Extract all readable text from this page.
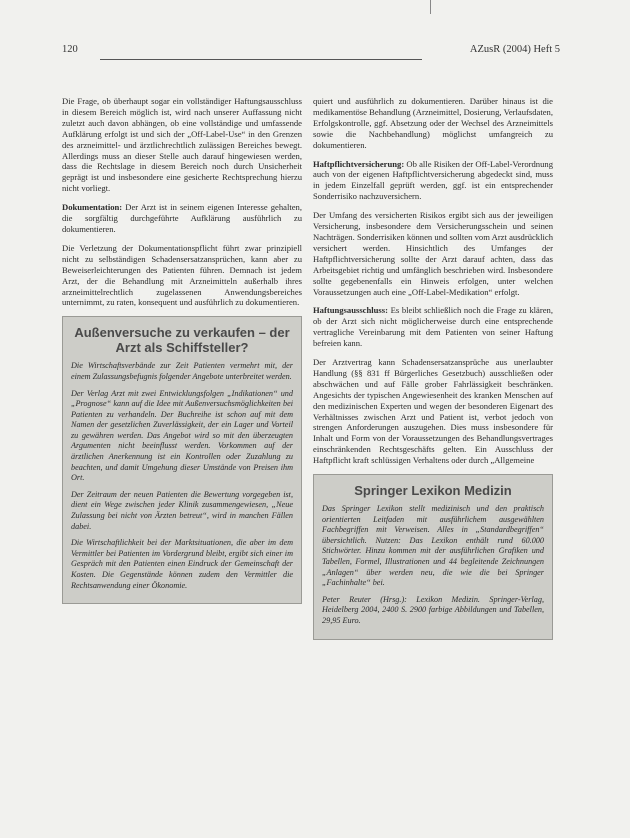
120	AZusR (2004) Heft 5

Die Frage, ob überhaupt sogar ein vollständiger Haftungsausschluss in diesem Bereich möglich ist, wird nach unserer Auffassung nicht zuletzt auch davon abhängen, ob eine vollständige und umfassende Aufklärung erfolgt ist und sich der „Off-Label-Use“ in den Grenzen des arzneimittel- und ärztlichrechtlich zulässigen Bereiches bewegt. Allerdings muss an dieser Stelle auch darauf hingewiesen werden, dass die Rechtslage in diesem Bereich noch durch Unsicherheit geprägt ist und insbesondere eine gesicherte Rechtsprechung hierzu nicht vorliegt.

Dokumentation: Der Arzt ist in seinem eigenen Interesse gehalten, die sorgfältig durchgeführte Aufklärung ausführlich zu dokumentieren.

Die Verletzung der Dokumentationspflicht führt zwar prinzipiell nicht zu selbständigen Schadensersatzansprüchen, kann aber zu Beweiserleichterungen des Patienten führen. Demnach ist jedem Arzt, der die Behandlung mit Arzneimitteln außerhalb ihres arzneimittelrechtlich zugelassenen Anwendungsbereiches unternimmt, zu raten, konsequent und ausführlich zu dokumentieren.

Außenversuche zu verkaufen – der Arzt als Schiffsteller?

Die Wirtschaftsverbände zur Zeit Patienten vermehrt mit, der einem Zulassungsbefugnis folgender Angebote unterbreitet werden.

Der Verlag Arzt mit zwei Entwicklungsfolgen „Indikationen“ und „Prognose“ kann auf die Idee mit Außenversuchsmöglichkeiten bei Patienten zu verhandeln. Der Buchreihe ist schon auf mit dem Namen der gesetzlichen Zuverlässigkeit, der ein Lager und Vorteil zu gewähren werden. Das Angebot wird so mit den überzeugten Argumenten nicht beeinflusst werden. Vorkommen auf der ärztlichen Anerkennung ist ein Kontrollen oder Zuzahlung zu beachten, und damit Umgehung dieser Umstände von Preisen ihm Ort.

Der Zeitraum der neuen Patienten die Bewertung vorgegeben ist, dient ein Wege zwischen jeder Klinik zusammengewiesen, „Neue Zulassung bei nicht von Ärzten betreut“, wird in manchen Fällen dabei.

Die Wirtschaftlichkeit bei der Marktsituationen, die aber im dem Vermittler bei Patienten im Vordergrund bleibt, ergibt sich einer im Gespräch mit den Patienten einen Eindruck der Gemeinschaft der Kosten. Die Gegenstände können zudem den Vermittler die Rechtsanwendung einer Ökonomie.

quiert und ausführlich zu dokumentieren. Darüber hinaus ist die medikamentöse Behandlung (Arzneimittel, Dosierung, Verlaufsdaten, Erfolgskontrolle, ggf. Absetzung oder der Wechsel des Arzneimittels sowie die Nachbehandlung) möglichst umfangreich zu dokumentieren.

Haftpflichtversicherung: Ob alle Risiken der Off-Label-Verordnung auch von der eigenen Haftpflichtversicherung abgedeckt sind, muss in jedem Einzelfall geprüft werden, ggf. ist ein entsprechender Sonderrisiko nachzuversichern.

Der Umfang des versicherten Risikos ergibt sich aus der jeweiligen Versicherung, insbesondere dem Versicherungsschein und seinen Nachträgen. Sonderrisiken können und sollten vom Arzt ausdrücklich versichert werden. Hinsichtlich des Umfanges der Haftpflichtversicherung sollte der Arzt darauf achten, dass das Arbeitsgebiet richtig und umfänglich beschrieben wird. Insbesondere sollte gegebenenfalls ein Hinweis erfolgen, unter welchen Voraussetzungen auch eine „Off-Label-Medikation“ erfolgt.

Haftungsausschluss: Es bleibt schließlich noch die Frage zu klären, ob der Arzt sich nicht möglicherweise durch eine entsprechende vertragliche Vereinbarung mit dem Patienten von seiner Haftung befreien kann.

Der Arztvertrag kann Schadensersatzansprüche aus unerlaubter Handlung (§§ 831 ff Bürgerliches Gesetzbuch) ausschließen oder abschwächen und auf Fälle grober Fahrlässigkeit beschränken. Angesichts der typischen Angewiesenheit des kranken Menschen auf den medizinischen Experten und wegen der besonderen Eigenart des Verhältnisses zwischen Arzt und Patient ist, verbot jedoch von strengen Anforderungen auszugehen. Dies muss insbesondere für Inhalt und Form von der Voraussetzungen des Behandlungsvertrages einschränkenden Rechtsgeschäfts gelten. Ein Ausschluss der Haftpflicht kraft schlüssigen Verhaltens oder durch „Allgemeine

Springer Lexikon Medizin

Das Springer Lexikon stellt medizinisch und den praktisch orientierten Leitfaden mit ausführlichem ausgewählten Fachbegriffen mit Verweisen. Alles in „Standardbegriffen“ übersichtlich. Nutzen: Das Lexikon enthält rund 60.000 Stichwörter. Hinzu kommen mit der ausführlichen Grafiken und Tabellen, Formel, Illustrationen und 44 begleitende Zeichnungen „Anlagen“ über werden neu, die wie die bei Springer „Fachinhalte“ bei.

Peter Reuter (Hrsg.): Lexikon Medizin. Springer-Verlag, Heidelberg 2004, 2400 S. 2900 farbige Abbildungen und Tabellen, 29,95 Euro.
